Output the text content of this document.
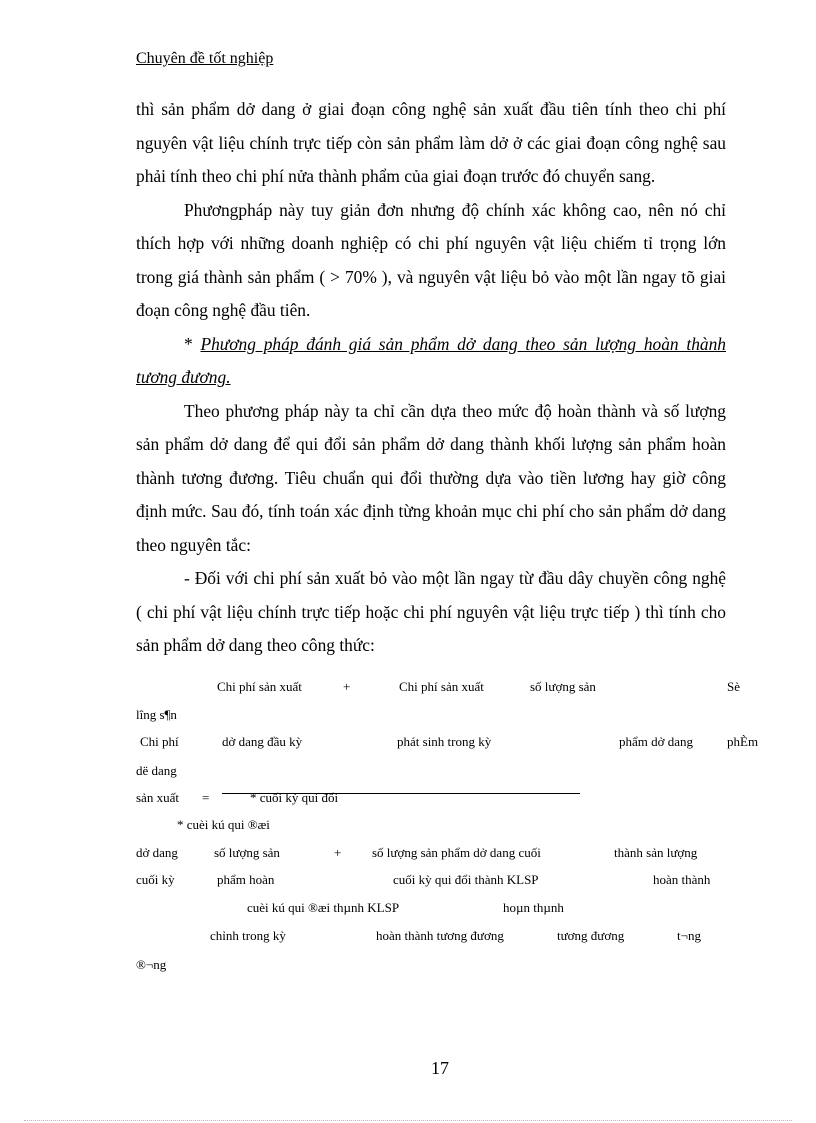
Chuyên đề tốt nghiệp

thì sản phẩm dở dang ở giai đoạn công nghệ sản xuất đầu tiên tính theo chi phí nguyên vật liệu chính trực tiếp còn sản phẩm làm dở ở các giai đoạn công nghệ sau phải tính theo chi phí nửa thành phẩm của giai đoạn trước đó chuyển sang.

Phươngpháp này tuy giản đơn nhưng độ chính xác không cao, nên nó chỉ thích hợp với những doanh nghiệp có chi phí nguyên vật liệu chiếm tỉ trọng lớn trong giá thành sản phẩm ( > 70% ), và nguyên vật liệu bỏ vào một lần ngay tõ giai đoạn công nghệ đầu tiên.

* Phương pháp đánh giá sản phẩm dở dang theo sản lượng hoàn thành tương đương.

Theo phương pháp này ta chỉ cần dựa theo mức độ hoàn thành và số lượng sản phẩm dở dang để qui đổi sản phẩm dở dang thành khối lượng sản phẩm hoàn thành tương đương. Tiêu chuẩn qui đổi thường dựa vào tiền lương hay giờ công định mức. Sau đó, tính toán xác định từng khoản mục chi phí cho sản phẩm dở dang theo nguyên tắc:

- Đối với chi phí sản xuất bỏ vào một lần ngay từ đầu dây chuyền công nghệ ( chi phí vật liệu chính trực tiếp hoặc chi phí nguyên vật liệu trực tiếp ) thì tính cho sản phẩm dở dang theo công thức:

Chi phí sản xuất	+	Chi phí sản xuất	số lượng sản	Sè
lîng s¶n
Chi phí	dở dang đầu kỳ	phát sinh trong kỳ	phẩm dở dang	phÈm
dë dang
sản xuất =	* cuối kỳ qui đổi
* cuèi kú qui ®æi
dở dang	số lượng sản	+ số lượng sản phẩm dở dang cuối	thành sản lượng
cuối kỳ	phẩm hoàn	cuối kỳ qui đổi thành KLSP	hoàn thành
cuèi kú qui ®æi thµnh KLSP	hoµn thµnh
chỉnh trong kỳ	hoàn thành tương đương	tương đương	t¬ng
®¬ng
17
